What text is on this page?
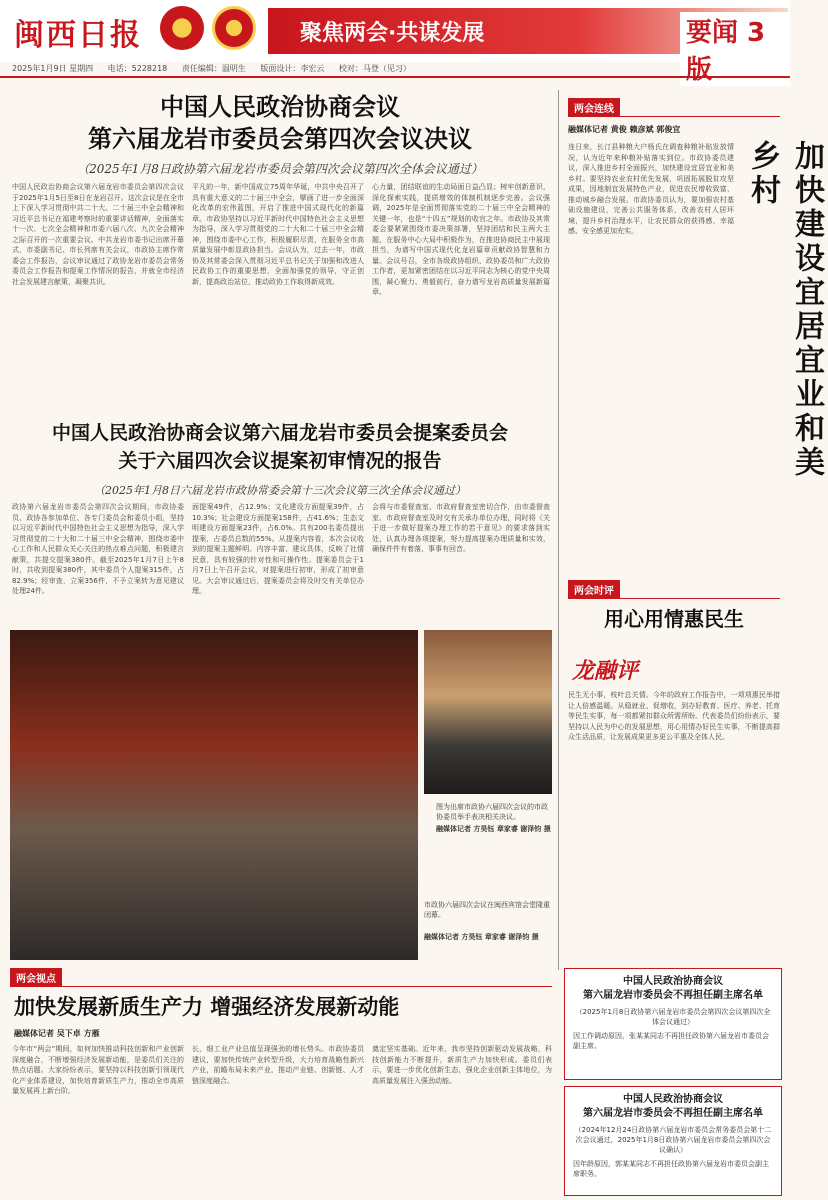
闽西日报	聚焦两会·共谋发展	要闻 3 版
2025年1月9日 星期四 电话：5228218 责任编辑：温明生 版面设计：李宏云 校对：马登（见习）
中国人民政治协商会议
第六届龙岩市委员会第四次会议决议
（2025年1月8日政协第六届龙岩市委员会第四次会议第四次全体会议通过）
中国人民政治协商会议第六届龙岩市委员会第四次会议于2025年1月5日至8日在龙岩召开。这次会议是在全市上下深入学习贯彻中共二十大、二十届三中全会精神和习近平总书记在福建考察时的重要讲话精神，全面落实十一次、七次全会精神和市委六届八次、九次全会精神之际召开的一次重要会议。中共龙岩市委书记出席开幕式，市委副书记、市长列席有关会议，市政协主席作常委会工作报告，会议审议通过了政协龙岩市委员会常务委员会工作报告和提案工作情况的报告，并就全市经济社会发展建言献策，凝聚共识。
平凡的一年，新中国成立75周年华诞，中共中央召开了具有重大意义的二十届三中全会，擘画了进一步全面深化改革的宏伟蓝图，开启了推进中国式现代化的新篇章。市政协坚持以习近平新时代中国特色社会主义思想为指导，深入学习贯彻党的二十大和二十届三中全会精神，围绕市委中心工作，积极履职尽责，在服务全市高质量发展中彰显政协担当。会议认为，过去一年，市政协及其常委会深入贯彻习近平总书记关于加强和改进人民政协工作的重要思想，全面加强党的领导，守正创新，提高政治站位，推动政协工作取得新成效。
心力量，团结联谊的生动局面日益凸显；树牢创新意识，深化探索实践，提质增效的体制机制逐步完善。会议强调，2025年是全面贯彻落实党的二十届三中全会精神的关键一年，也是“十四五”规划的收官之年。市政协及其常委会要紧紧围绕市委决策部署，坚持团结和民主两大主题，在服务中心大局中积极作为，在推进协商民主中展现担当，为谱写中国式现代化龙岩篇章贡献政协智慧和力量。会议号召，全市各级政协组织、政协委员和广大政协工作者，更加紧密团结在以习近平同志为核心的党中央周围，凝心聚力、勇毅前行，奋力谱写龙岩高质量发展新篇章。
中国人民政治协商会议第六届龙岩市委员会提案委员会
关于六届四次会议提案初审情况的报告
（2025年1月8日六届龙岩市政协常委会第十三次会议第三次全体会议通过）
政协第六届龙岩市委员会第四次会议期间，市政协委员、政协各参加单位、各专门委员会和委员小组，坚持以习近平新时代中国特色社会主义思想为指导，深入学习贯彻党的二十大和二十届三中全会精神，围绕市委中心工作和人民群众关心关注的热点难点问题，积极建言献策，共提交提案380件。截至2025年1月7日上午8时，共收到提案380件，其中委员个人提案315件，占82.9%；经审查，立案356件，不予立案转为意见建议处理24件。
面提案49件，占12.9%；文化建设方面提案39件，占10.3%；社会建设方面提案158件，占41.6%；生态文明建设方面提案23件，占6.0%。共有200名委员提出提案，占委员总数的55%。从提案内容看，本次会议收到的提案主题鲜明、内容丰富、建议具体，反映了社情民意，具有较强的针对性和可操作性。提案委员会于1月7日上午召开会议，对提案进行初审，形成了初审意见。大会审议通过后，提案委员会将及时交有关单位办理。
会将与市委督查室、市政府督查室密切合作，由市委督查室、市政府督查室及时交有关承办单位办理，同时将《关于进一步做好提案办理工作的若干意见》的要求落到实处，认真办理各项提案，努力提高提案办理质量和实效，确保件件有着落、事事有回音。
图为出席市政协六届四次会议的市政协委员举手表决相关决议。
融媒体记者 方昊钰 章家睿 谢泽钧 摄
市政协六届四次会议在闽西宾馆会堂隆重闭幕。
融媒体记者 方昊钰 章家睿 谢泽钧 摄
两会连线
融媒体记者 黄俊 赖彦斌 郭俊宜
加快建设宜居宜业和美乡村
连日来，长汀县种粮大户杨氏在调查种粮补贴发放情况，认为近年来种粮补贴落实到位。市政协委员建议，深入推进乡村全面振兴，加快建设宜居宜业和美乡村。要坚持农业农村优先发展，巩固拓展脱贫攻坚成果，因地制宜发展特色产业，促进农民增收致富，推动城乡融合发展。市政协委员认为，要加强农村基础设施建设，完善公共服务体系，改善农村人居环境，提升乡村治理水平，让农民群众的获得感、幸福感、安全感更加充实。
两会时评
用心用情惠民生
龙融评
民生无小事，枝叶总关情。今年的政府工作报告中，一项项惠民举措让人倍感温暖。从稳就业、促增收，到办好教育、医疗、养老、托育等民生实事，每一项都紧扣群众所需所盼。代表委员们纷纷表示，要坚持以人民为中心的发展思想，用心用情办好民生实事，不断提高群众生活品质，让发展成果更多更公平惠及全体人民。
中国人民政治协商会议
第六届龙岩市委员会不再担任副主席名单
（2025年1月8日政协第六届龙岩市委员会第四次会议第四次全体会议通过）
因工作调动原因，张某某同志不再担任政协第六届龙岩市委员会副主席。
中国人民政治协商会议
第六届龙岩市委员会不再担任副主席名单
（2024年12月24日政协第六届龙岩市委员会常务委员会第十二次会议通过，2025年1月8日政协第六届龙岩市委员会第四次会议确认）
因年龄原因，郭某某同志不再担任政协第六届龙岩市委员会副主席职务。
两会视点
加快发展新质生产力 增强经济发展新动能
融媒体记者 吴下卓 方雁
今年市“两会”期间，如何加快推动科技创新和产业创新深度融合，不断增强经济发展新动能，是委员们关注的热点话题。大家纷纷表示，要坚持以科技创新引领现代化产业体系建设，加快培育新质生产力，推动全市高质量发展再上新台阶。
长，细工业产业总值呈现强劲的增长势头。市政协委员建议，要加快传统产业转型升级，大力培育战略性新兴产业，前瞻布局未来产业，推动产业链、创新链、人才链深度融合。
奠定坚实基础。近年来，我市坚持创新驱动发展战略，科技创新能力不断提升，新质生产力加快形成。委员们表示，要进一步优化创新生态，强化企业创新主体地位，为高质量发展注入强劲动能。
